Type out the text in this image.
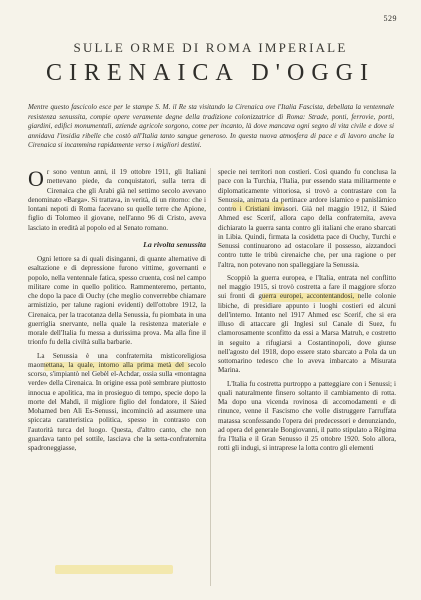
529
SULLE ORME DI ROMA IMPERIALE
CIRENAICA D'OGGI
Mentre questo fascicolo esce per le stampe S. M. il Re sta visitando la Cirenaica ove l'Italia Fascista, debellata la ventennale resistenza senussita, compie opere veramente degne della tradizione colonizzatrice di Roma: Strade, ponti, ferrovie, porti, giardini, edifici monumentali, aziende agricole sorgono, come per incanto, là dove mancava ogni segno di vita civile e dove si annidava l'insidia ribelle che costò all'Italia tanto sangue generoso. In questa nuova atmosfera di pace e di lavoro anche la Cirenaica si incammina rapidamente verso i migliori destini.

Or sono ventun anni, il 19 ottobre 1911, gli Italiani mettevano piede, da conquistatori, sulla terra di Cirenaica che gli Arabi già nel settimo secolo avevano denominato «Barga». Si trattava, in verità, di un ritorno: che i lontani nepoti di Roma facevano su quelle terre che Apione, figlio di Tolomeo il giovane, nell'anno 96 di Cristo, aveva lasciato in eredità al popolo ed al Senato romano.

La rivolta senussita

Ogni lettore sa di quali disinganni, di quante alternative di esaltazione e di depressione furono vittime, governanti e popolo, nella ventennale fatica, spesso cruenta, così nel campo militare come in quello politico. Rammenteremo, pertanto, che dopo la pace di Ouchy (che meglio converrebbe chiamare armistizio, per talune ragioni evidenti) dell'ottobre 1912, la Cirenaica, per la tracotanza della Senussia, fu piombata in una guerriglia snervante, nella quale la resistenza materiale e morale dell'Italia fu messa a durissima prova. Ma alla fine il trionfo fu della civiltà sulla barbarie.

La Senussia è una confraternita misticoreligiosa maomettana, la quale, intorno alla prima metà del secolo scorso, s'impiantò nel Gebèl el-Achdar, ossia sulla «montagna verde» della Cirenaica. In origine essa potè sembrare piuttosto innocua e apolitica, ma in prosieguo di tempo, specie dopo la morte del Mahdi, il migliore figlio del fondatore, il Sàied Mohamed ben Ali Es-Senussi, incominciò ad assumere una spiccata caratteristica politica, spesso in contrasto con l'autorità turca del luogo. Questa, d'altro canto, che non guardava tanto pel sottile, lasciava che la setta-confraternita spadroneggiasse,

specie nei territori non costieri. Così quando fu conclusa la pace con la Turchia, l'Italia, pur essendo stata militarmente e diplomaticamente vittoriosa, si trovò a contrastare con la Senussia, animata da pertinace ardore islamico e panislàmico contro i Cristiani invasori. Già nel maggio 1912, il Sàied Ahmed esc Scerif, allora capo della confraternita, aveva dichiarato la guerra santa contro gli italiani che erano sbarcati in Libia. Quindi, firmata la cosidetta pace di Ouchy, Turchi e Senussi continuarono ad ostacolare il possesso, aizzandoci contro tutte le tribù cirenaiche che, per una ragione o per l'altra, non potevano non spalleggiare la Senussia.

Scoppiò la guerra europea, e l'Italia, entrata nel conflitto nel maggio 1915, si trovò costretta a fare il maggiore sforzo sui fronti di guerra europei, accontentandosi, nelle colonie libiche, di presidiare appunto i luoghi costieri ed alcuni dell'interno. Intanto nel 1917 Ahmed esc Scerif, che si era illuso di attaccare gli Inglesi sul Canale di Suez, fu clamorosamente sconfitto da essi a Marsa Matruh, e costretto in seguito a rifugiarsi a Costantinopoli, dove giunse nell'agosto del 1918, dopo essere stato sbarcato a Pola da un sottomarino tedesco che lo aveva imbarcato a Misurata Marina.

L'Italia fu costretta purtroppo a patteggiare con i Senussi; i quali naturalmente finsero soltanto il cambiamento di rotta. Ma dopo una vicenda rovinosa di accomodamenti e di rinunce, venne il Fascismo che volle distruggere l'arruffata matassa sconfessando l'opera dei predecessori e denunziando, ad opera del generale Bongiovanni, il patto stipulato a Règima fra l'Italia e il Gran Senusso il 25 ottobre 1920. Solo allora, rotti gli indugi, si intraprese la lotta contro gli elementi
